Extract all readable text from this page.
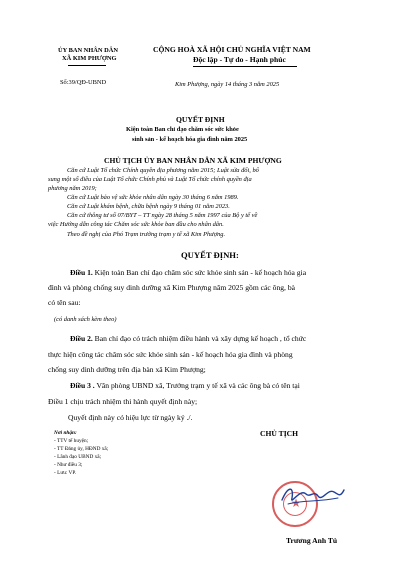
ỦY BAN NHÂN DÂN
XÃ KIM PHƯỢNG
Số:39/QĐ-UBND
CỘNG HOÀ XÃ HỘI CHỦ NGHĨA VIỆT NAM
Độc lập - Tự do - Hạnh phúc
Kim Phượng, ngày 14 tháng 3 năm 2025
QUYẾT ĐỊNH
Kiện toàn Ban chỉ đạo chăm sóc sức khỏe
sinh sản - kế hoạch hóa gia đình năm 2025
CHỦ TỊCH ỦY BAN NHÂN DÂN XÃ KIM PHƯỢNG
Căn cứ Luật Tổ chức Chính quyền địa phương năm 2015; Luật sửa đổi, bổ
sung một số điều của Luật Tổ chức Chính phủ và Luật Tổ chức chính quyền địa
phương năm 2019;
Căn cứ Luật bảo vệ sức khỏe nhân dân ngày 30 tháng 6 năm 1989.
Căn cứ Luật khám bệnh, chữa bệnh ngày 9 tháng 01 năm 2023.
Căn cứ thông tư số 07/BYT – TT ngày 28 tháng 5 năm 1997 của Bộ y tế về
việc Hướng dẫn công tác Chăm sóc sức khỏe ban đầu cho nhân dân.
Theo đề nghị của Phó Trạm trưởng trạm y tế xã Kim Phượng.
QUYẾT ĐỊNH:
Điều 1. Kiện toàn Ban chỉ đạo chăm sóc sức khỏe sinh sản - kế hoạch hóa gia
đình và phòng chống suy dinh dưỡng xã Kim Phượng năm 2025 gồm các ông, bà
có tên sau:
(có danh sách kèm theo)
Điều 2. Ban chỉ đạo có trách nhiệm điều hành và xây dựng kế hoạch , tổ chức
thực hiện công tác chăm sóc sức khỏe sinh sản - kế hoạch hóa gia đình và phòng
chống suy dinh dưỡng trên địa bàn xã Kim Phượng;
Điều 3 . Văn phòng UBND xã, Trưởng trạm y tế xã và các ông bà có tên tại
Điều 1 chịu trách nhiệm thi hành quyết định này;
Quyết định này có hiệu lực từ ngày ký ./.
Nơi nhận:
- TTV tế huyện;
- TT Đảng ủy, HĐND xã;
- Lãnh đạo UBND xã;
- Như điều 3;
- Lưu: VP.
CHỦ TỊCH
★
Trương Anh Tú
